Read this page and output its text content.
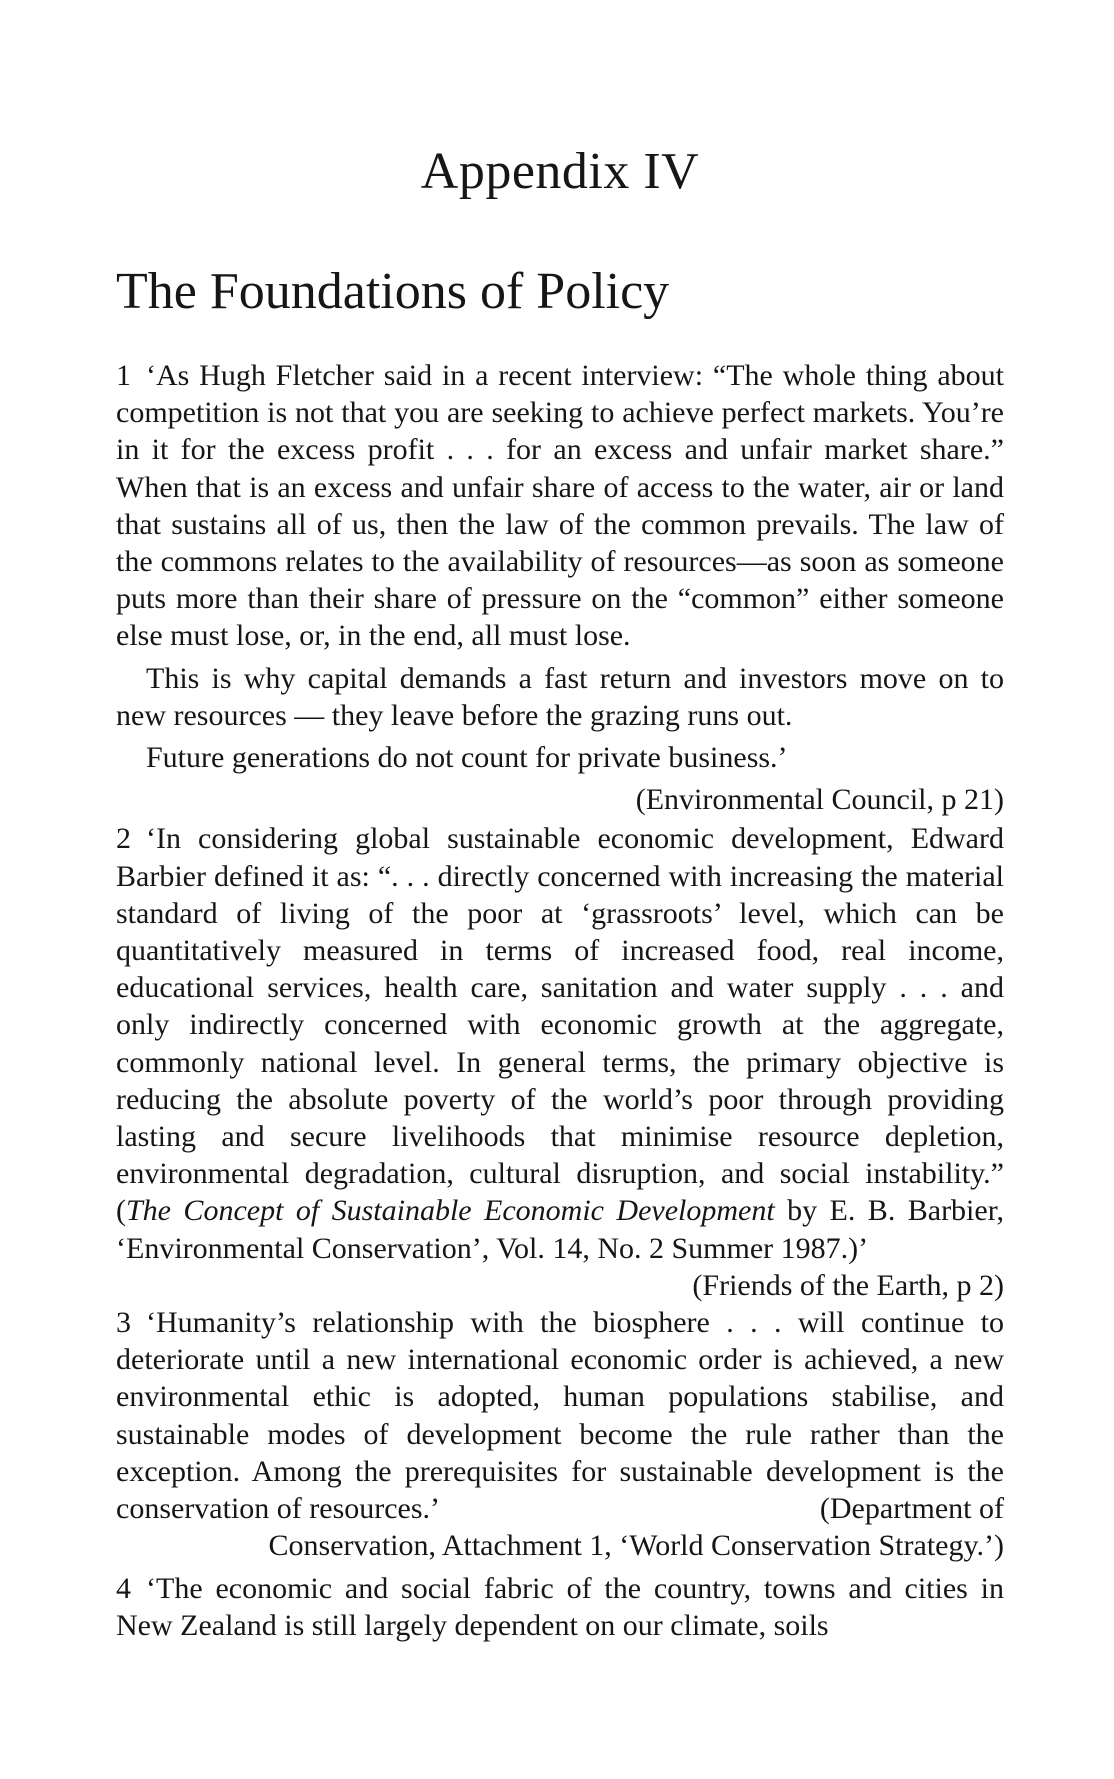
Appendix IV
The Foundations of Policy

1 ‘As Hugh Fletcher said in a recent interview: “The whole thing about competition is not that you are seeking to achieve perfect markets. You’re in it for the excess profit . . . for an excess and unfair market share.” When that is an excess and unfair share of access to the water, air or land that sustains all of us, then the law of the common prevails. The law of the commons relates to the availability of resources—as soon as someone puts more than their share of pressure on the “common” either someone else must lose, or, in the end, all must lose.

This is why capital demands a fast return and investors move on to new resources — they leave before the grazing runs out.

Future generations do not count for private business.’

(Environmental Council, p 21)

2 ‘In considering global sustainable economic development, Edward Barbier defined it as: “. . . directly concerned with increasing the material standard of living of the poor at ‘grassroots’ level, which can be quantitatively measured in terms of increased food, real income, educational services, health care, sanitation and water supply . . . and only indirectly concerned with economic growth at the aggregate, commonly national level. In general terms, the primary objective is reducing the absolute poverty of the world’s poor through providing lasting and secure livelihoods that minimise resource depletion, environmental degradation, cultural disruption, and social instability.” (The Concept of Sustainable Economic Development by E. B. Barbier, ‘Environmental Conservation’, Vol. 14, No. 2 Summer 1987.)’
(Friends of the Earth, p 2)

3 ‘Humanity’s relationship with the biosphere . . . will continue to deteriorate until a new international economic order is achieved, a new environmental ethic is adopted, human populations stabilise, and sustainable modes of development become the rule rather than the exception. Among the prerequisites for sustainable development is the conservation of resources.’	(Department of

Conservation, Attachment 1, ‘World Conservation Strategy.’)

4 ‘The economic and social fabric of the country, towns and cities in New Zealand is still largely dependent on our climate, soils
